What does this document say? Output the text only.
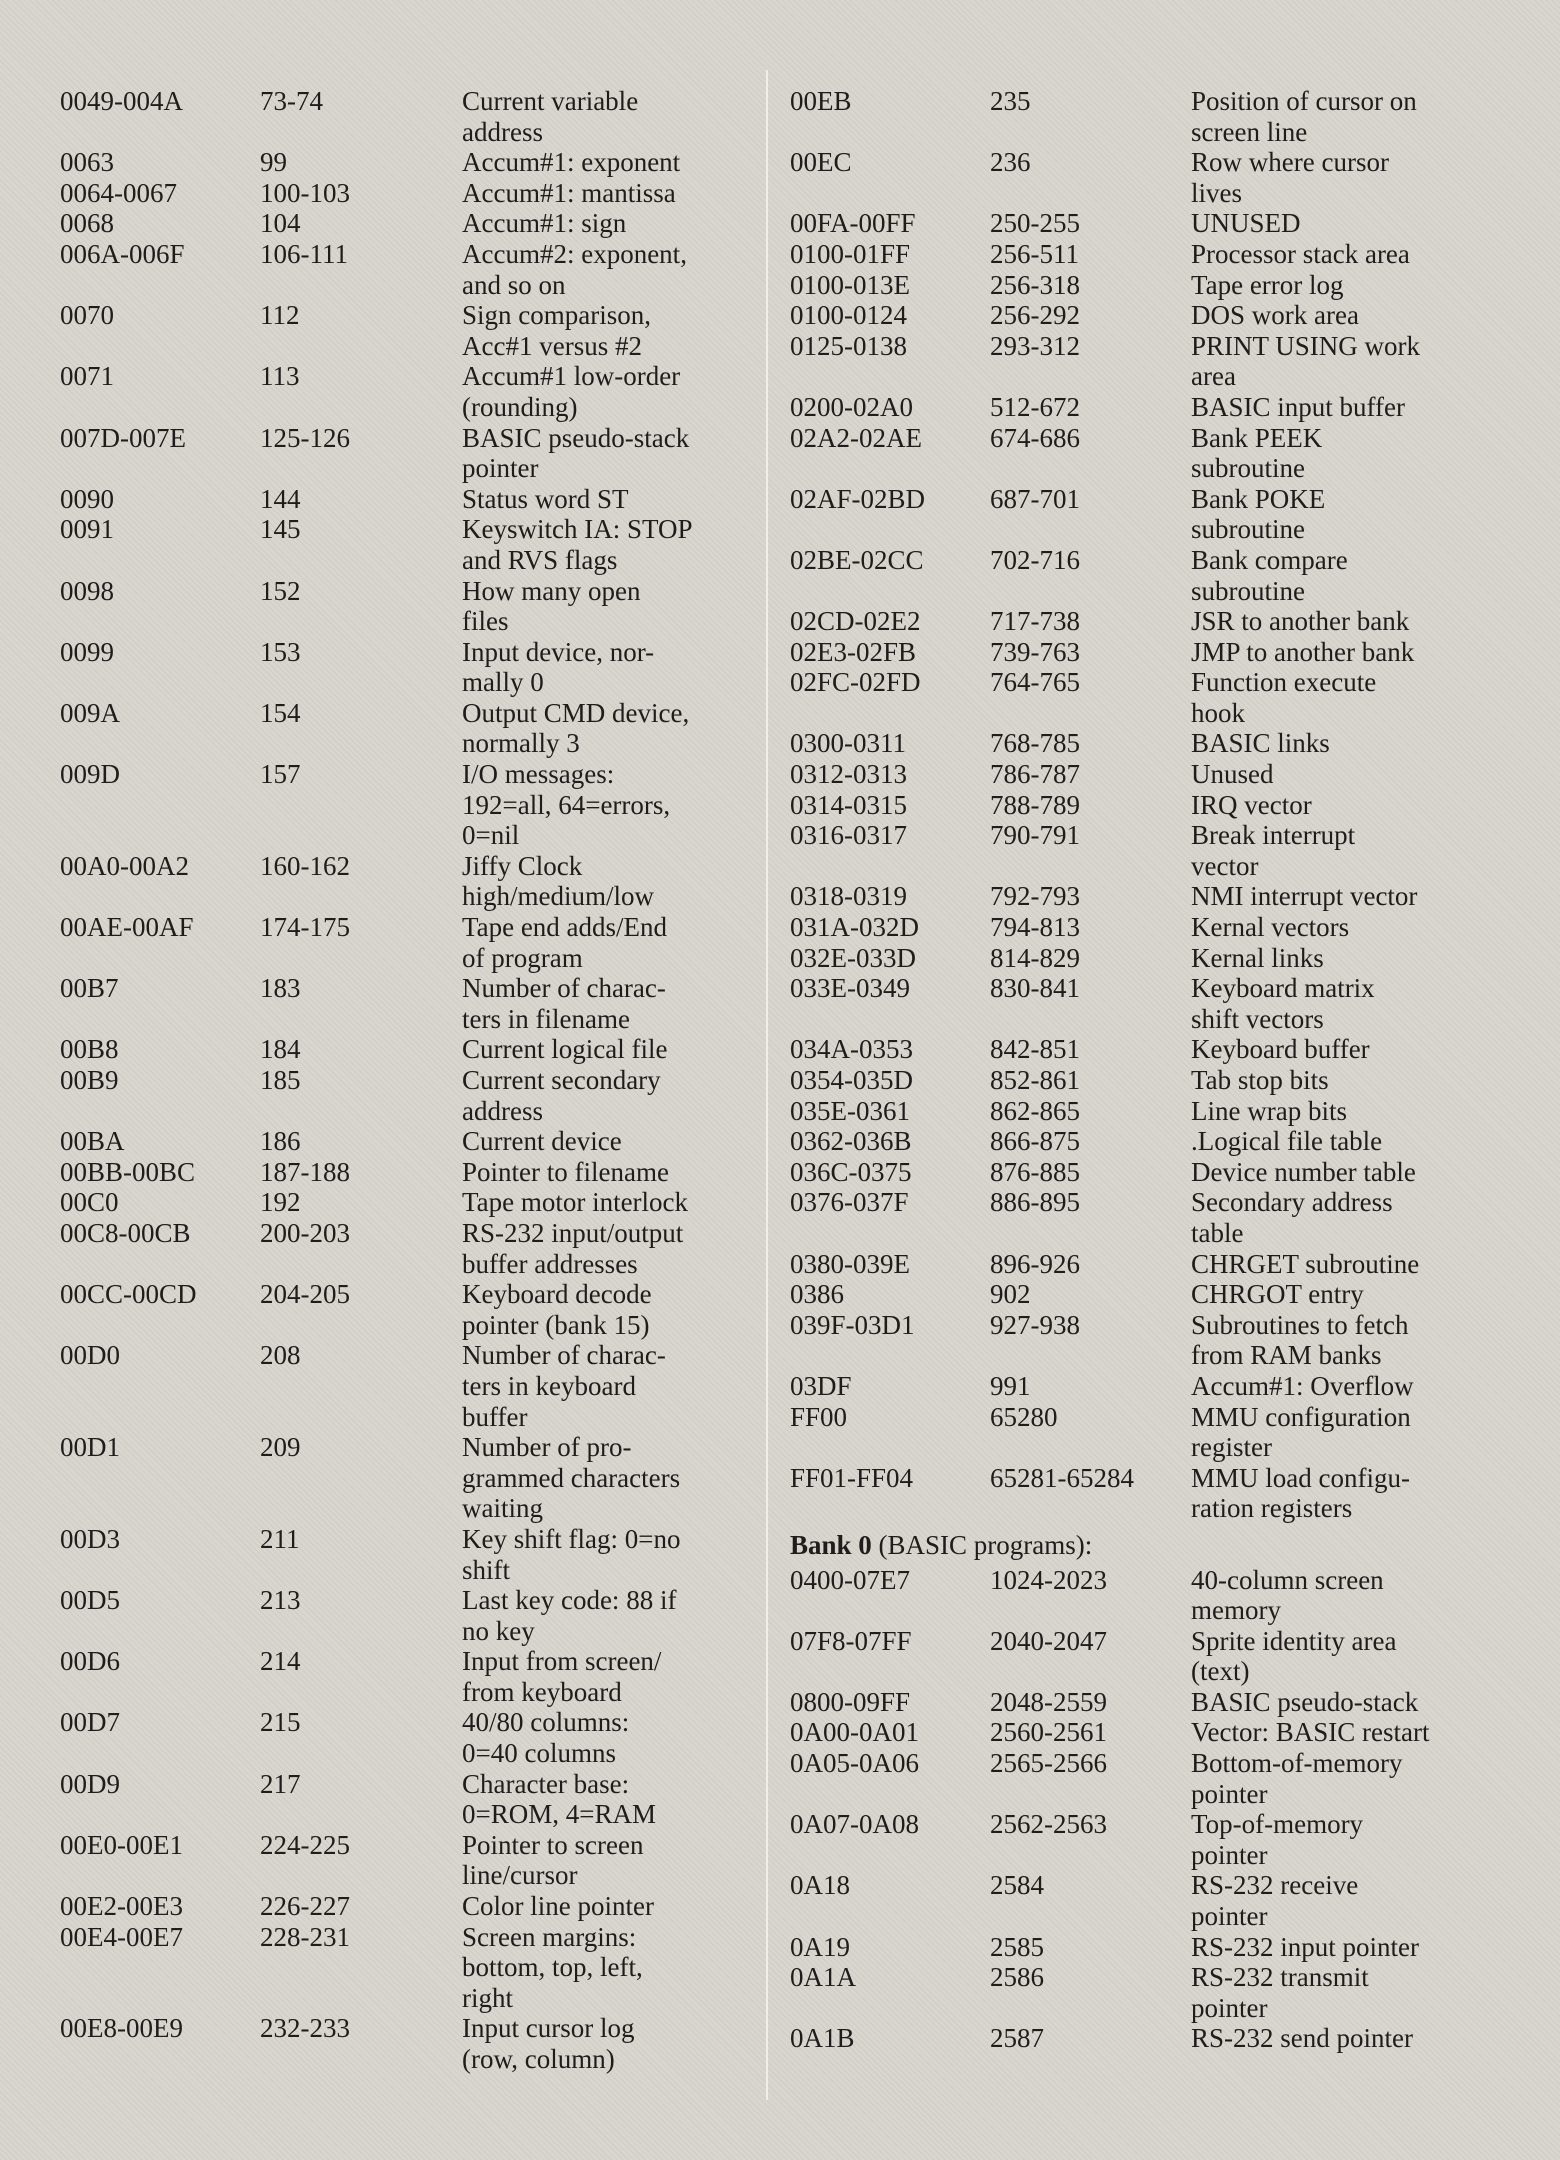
0049-004A	73-74	Current variable
address
0063	99	Accum#1: exponent
0064-0067	100-103	Accum#1: mantissa
0068	104	Accum#1: sign
006A-006F	106-111	Accum#2: exponent,
and so on
0070	112	Sign comparison,
Acc#1 versus #2
0071	113	Accum#1 low-order
(rounding)
007D-007E	125-126	BASIC pseudo-stack
pointer
0090	144	Status word ST
0091	145	Keyswitch IA: STOP
and RVS flags
0098	152	How many open
files
0099	153	Input device, nor-
mally 0
009A	154	Output CMD device,
normally 3
009D	157	I/O messages:
192=all, 64=errors,
0=nil
00A0-00A2	160-162	Jiffy Clock
high/medium/low
00AE-00AF	174-175	Tape end adds/End
of program
00B7	183	Number of charac-
ters in filename
00B8	184	Current logical file
00B9	185	Current secondary
address
00BA	186	Current device
00BB-00BC	187-188	Pointer to filename
00C0	192	Tape motor interlock
00C8-00CB	200-203	RS-232 input/output
buffer addresses
00CC-00CD	204-205	Keyboard decode
pointer (bank 15)
00D0	208	Number of charac-
ters in keyboard
buffer
00D1	209	Number of pro-
grammed characters
waiting
00D3	211	Key shift flag: 0=no
shift
00D5	213	Last key code: 88 if
no key
00D6	214	Input from screen/
from keyboard
00D7	215	40/80 columns:
0=40 columns
00D9	217	Character base:
0=ROM, 4=RAM
00E0-00E1	224-225	Pointer to screen
line/cursor
00E2-00E3	226-227	Color line pointer
00E4-00E7	228-231	Screen margins:
bottom, top, left,
right
00E8-00E9	232-233	Input cursor log
(row, column)
00EB	235	Position of cursor on
screen line
00EC	236	Row where cursor
lives
00FA-00FF	250-255	UNUSED
0100-01FF	256-511	Processor stack area
0100-013E	256-318	Tape error log
0100-0124	256-292	DOS work area
0125-0138	293-312	PRINT USING work
area
0200-02A0	512-672	BASIC input buffer
02A2-02AE	674-686	Bank PEEK
subroutine
02AF-02BD	687-701	Bank POKE
subroutine
02BE-02CC	702-716	Bank compare
subroutine
02CD-02E2	717-738	JSR to another bank
02E3-02FB	739-763	JMP to another bank
02FC-02FD	764-765	Function execute
hook
0300-0311	768-785	BASIC links
0312-0313	786-787	Unused
0314-0315	788-789	IRQ vector
0316-0317	790-791	Break interrupt
vector
0318-0319	792-793	NMI interrupt vector
031A-032D	794-813	Kernal vectors
032E-033D	814-829	Kernal links
033E-0349	830-841	Keyboard matrix
shift vectors
034A-0353	842-851	Keyboard buffer
0354-035D	852-861	Tab stop bits
035E-0361	862-865	Line wrap bits
0362-036B	866-875	.Logical file table
036C-0375	876-885	Device number table
0376-037F	886-895	Secondary address
table
0380-039E	896-926	CHRGET subroutine
0386	902	CHRGOT entry
039F-03D1	927-938	Subroutines to fetch
from RAM banks
03DF	991	Accum#1: Overflow
FF00	65280	MMU configuration
register
FF01-FF04	65281-65284	MMU load configu-
ration registers
Bank 0 (BASIC programs):		
0400-07E7	1024-2023	40-column screen
memory
07F8-07FF	2040-2047	Sprite identity area
(text)
0800-09FF	2048-2559	BASIC pseudo-stack
0A00-0A01	2560-2561	Vector: BASIC restart
0A05-0A06	2565-2566	Bottom-of-memory
pointer
0A07-0A08	2562-2563	Top-of-memory
pointer
0A18	2584	RS-232 receive
pointer
0A19	2585	RS-232 input pointer
0A1A	2586	RS-232 transmit
pointer
0A1B	2587	RS-232 send pointer
